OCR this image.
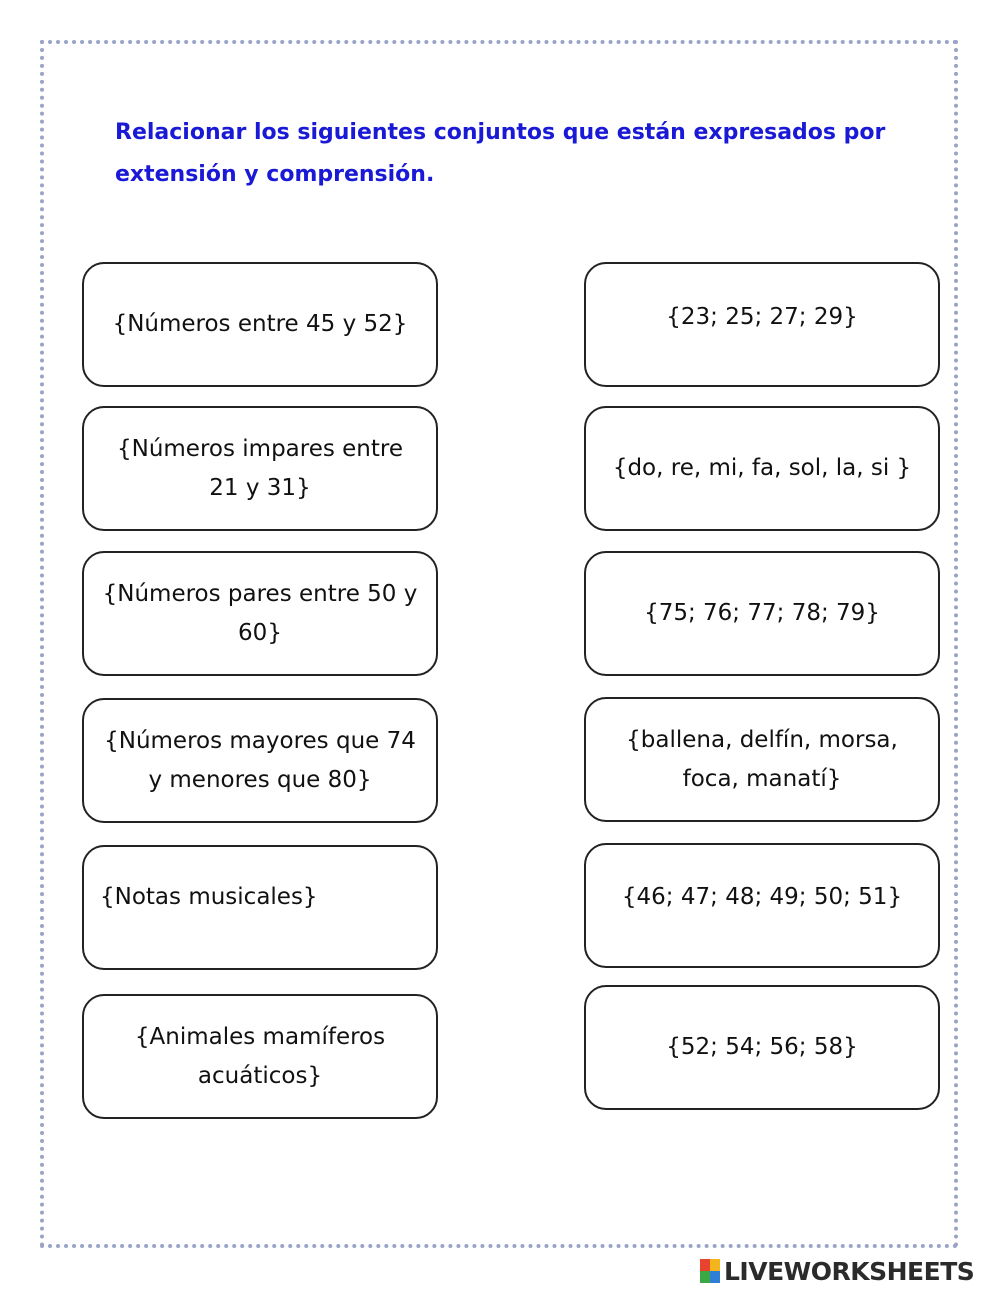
Relacionar los siguientes conjuntos que están expresados por extensión y comprensión.

{Números entre 45 y 52}
{Números impares entre 21 y 31}
{Números pares entre 50 y 60}
{Números mayores que 74 y menores que 80}
{Notas musicales}
{Animales mamíferos acuáticos}
{23; 25; 27; 29}
{do, re, mi, fa, sol, la, si }
{75; 76; 77; 78; 79}
{ballena, delfín, morsa, foca, manatí}
{46; 47; 48; 49; 50; 51}
{52; 54; 56; 58}
LIVEWORKSHEETS
